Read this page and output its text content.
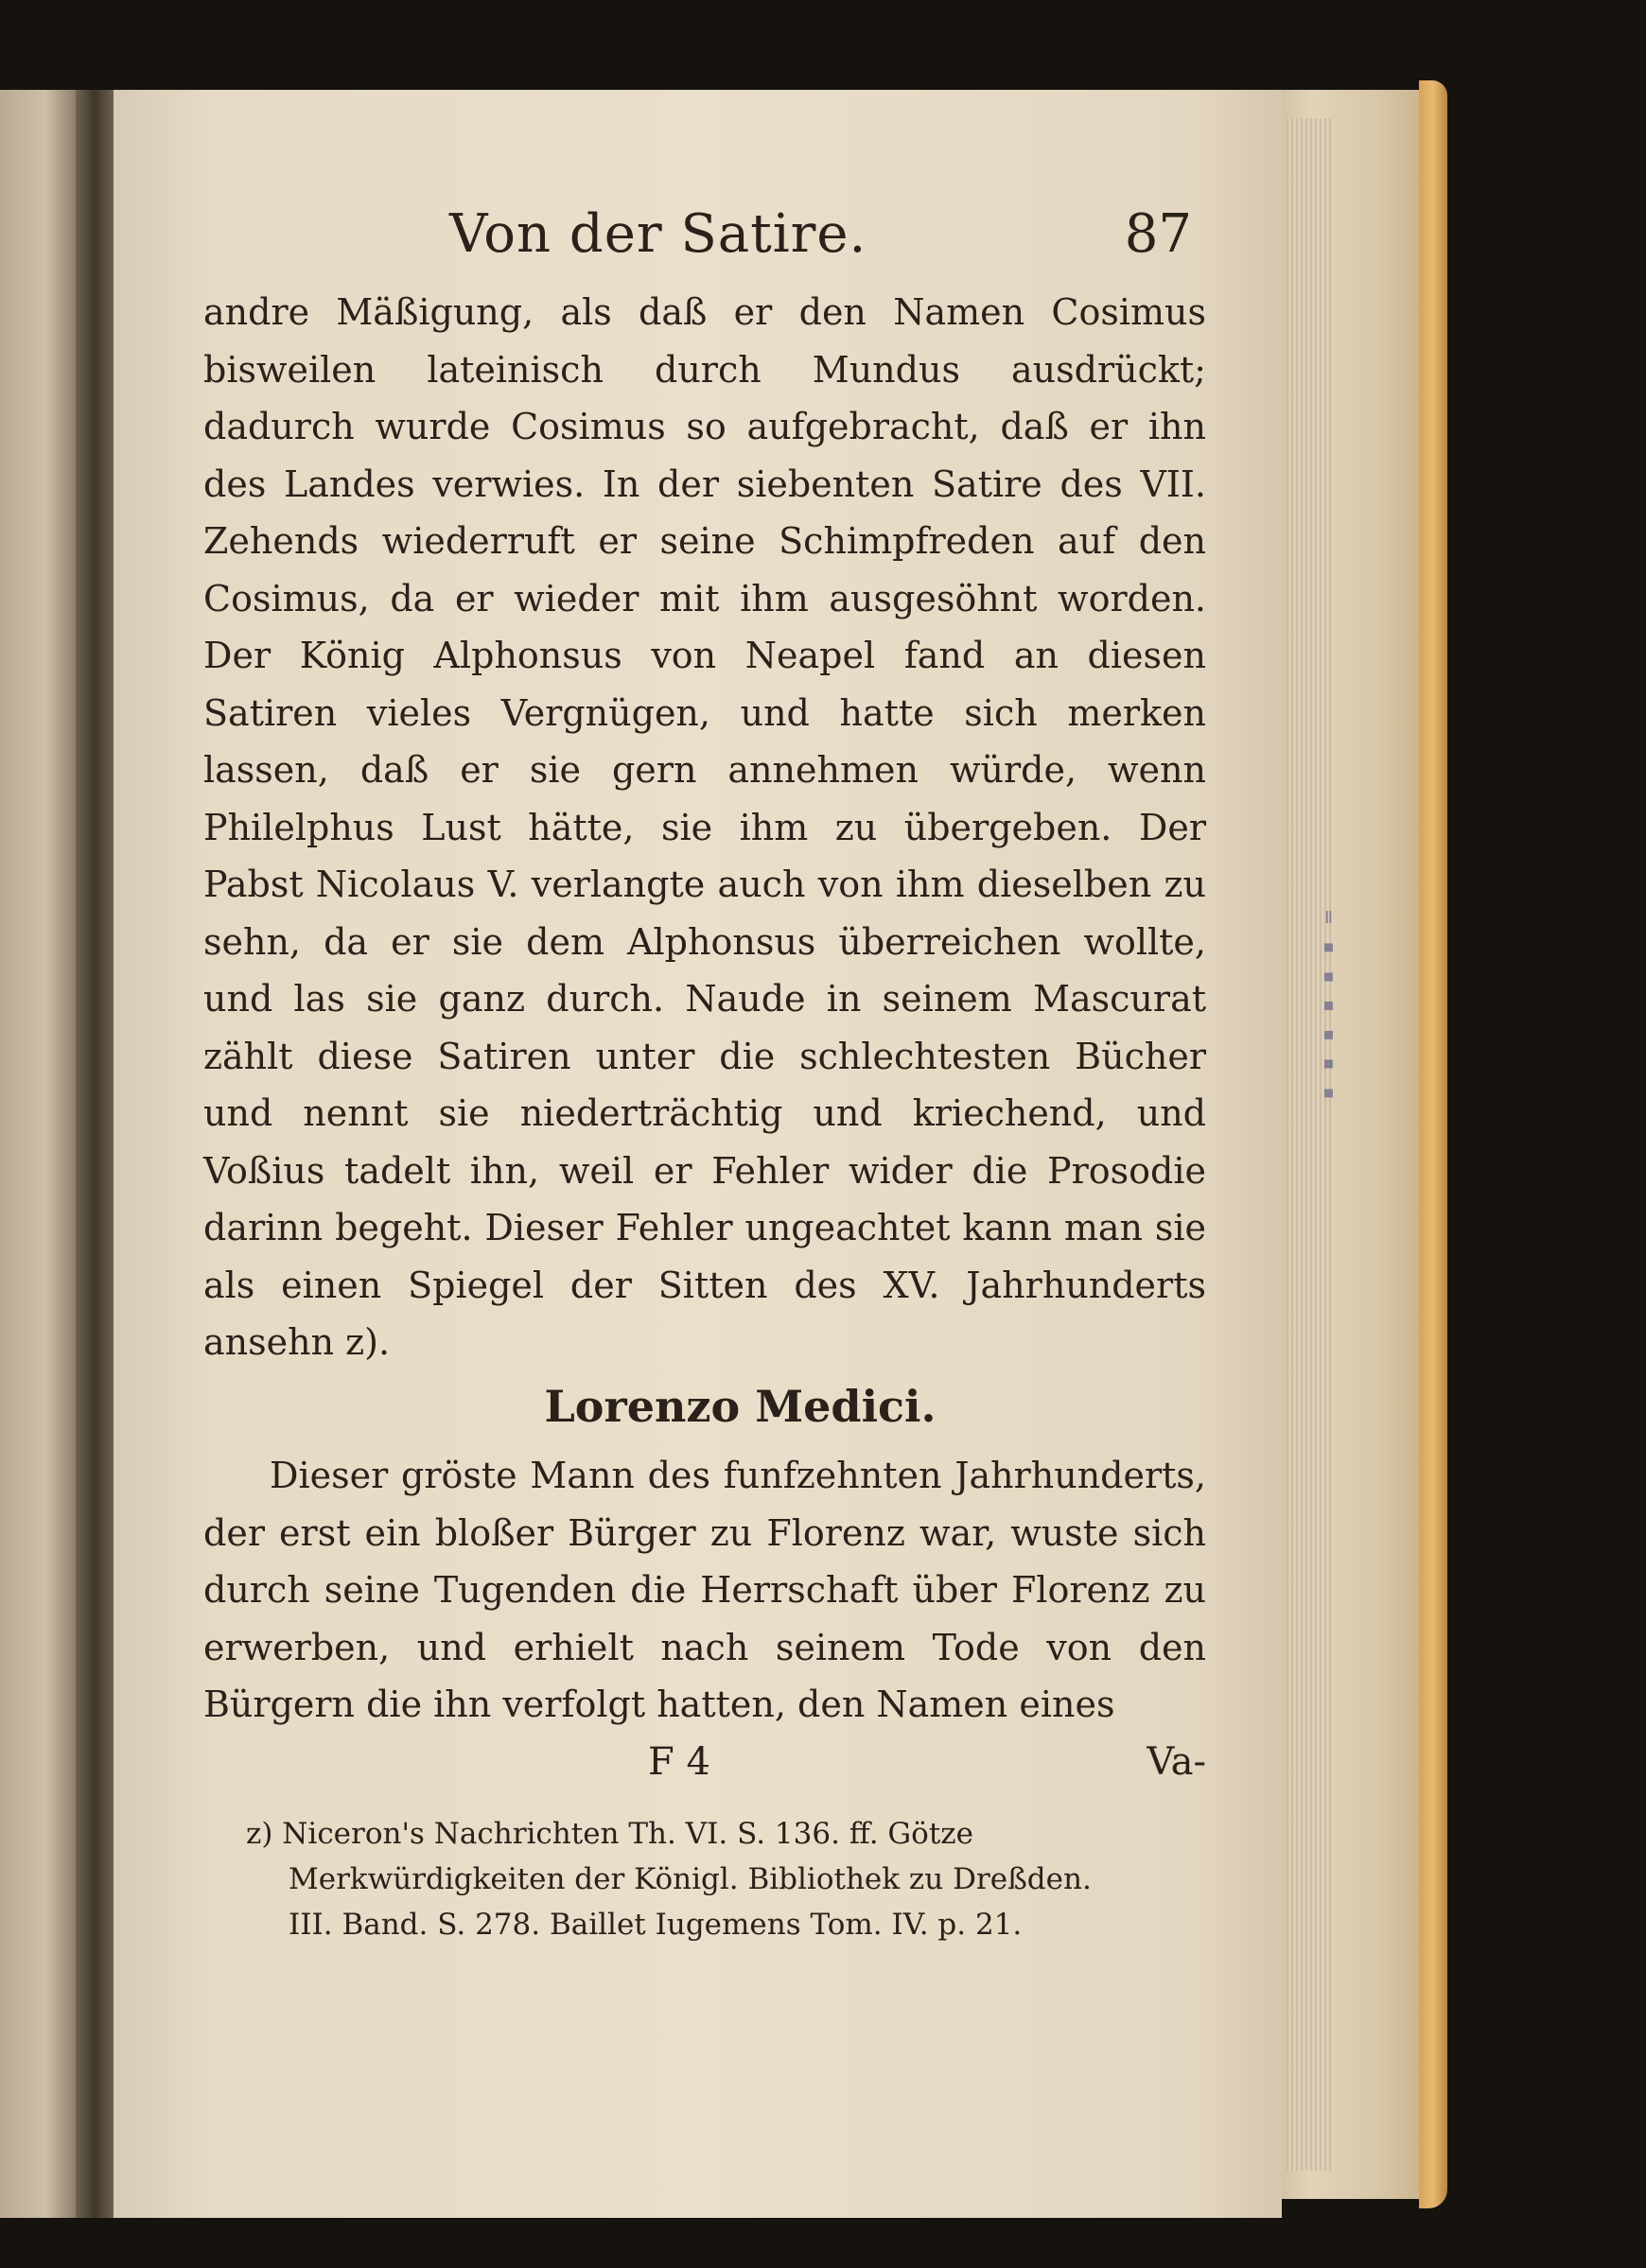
Ⅱ ▪ ▪ ▪ ▪ ▪ ▪
Von der Satire.	87

andre Mäßigung, als daß er den Namen Cosimus bisweilen lateinisch durch Mundus ausdrückt; dadurch wurde Cosimus so aufgebracht, daß er ihn des Landes verwies. In der siebenten Satire des VII. Zehends wiederruft er seine Schimpfreden auf den Cosimus, da er wieder mit ihm ausgesöhnt worden. Der König Alphonsus von Neapel fand an diesen Satiren vieles Vergnügen, und hatte sich merken lassen, daß er sie gern annehmen würde, wenn Philelphus Lust hätte, sie ihm zu übergeben. Der Pabst Nicolaus V. verlangte auch von ihm dieselben zu sehn, da er sie dem Alphonsus überreichen wollte, und las sie ganz durch. Naude in seinem Mascurat zählt diese Satiren unter die schlechtesten Bücher und nennt sie niederträchtig und kriechend, und Voßius tadelt ihn, weil er Fehler wider die Prosodie darinn begeht. Dieser Fehler ungeachtet kann man sie als einen Spiegel der Sitten des XV. Jahrhunderts ansehn z).

Lorenzo Medici.

Dieser gröste Mann des funfzehnten Jahrhunderts, der erst ein bloßer Bürger zu Florenz war, wuste sich durch seine Tugenden die Herrschaft über Florenz zu erwerben, und erhielt nach seinem Tode von den Bürgern die ihn verfolgt hatten, den Namen eines

F 4	Va-

z) Niceron's Nachrichten Th. VI. S. 136. ff. Götze
Merkwürdigkeiten der Königl. Bibliothek zu Dreßden.
III. Band. S. 278. Baillet Iugemens Tom. IV. p. 21.
